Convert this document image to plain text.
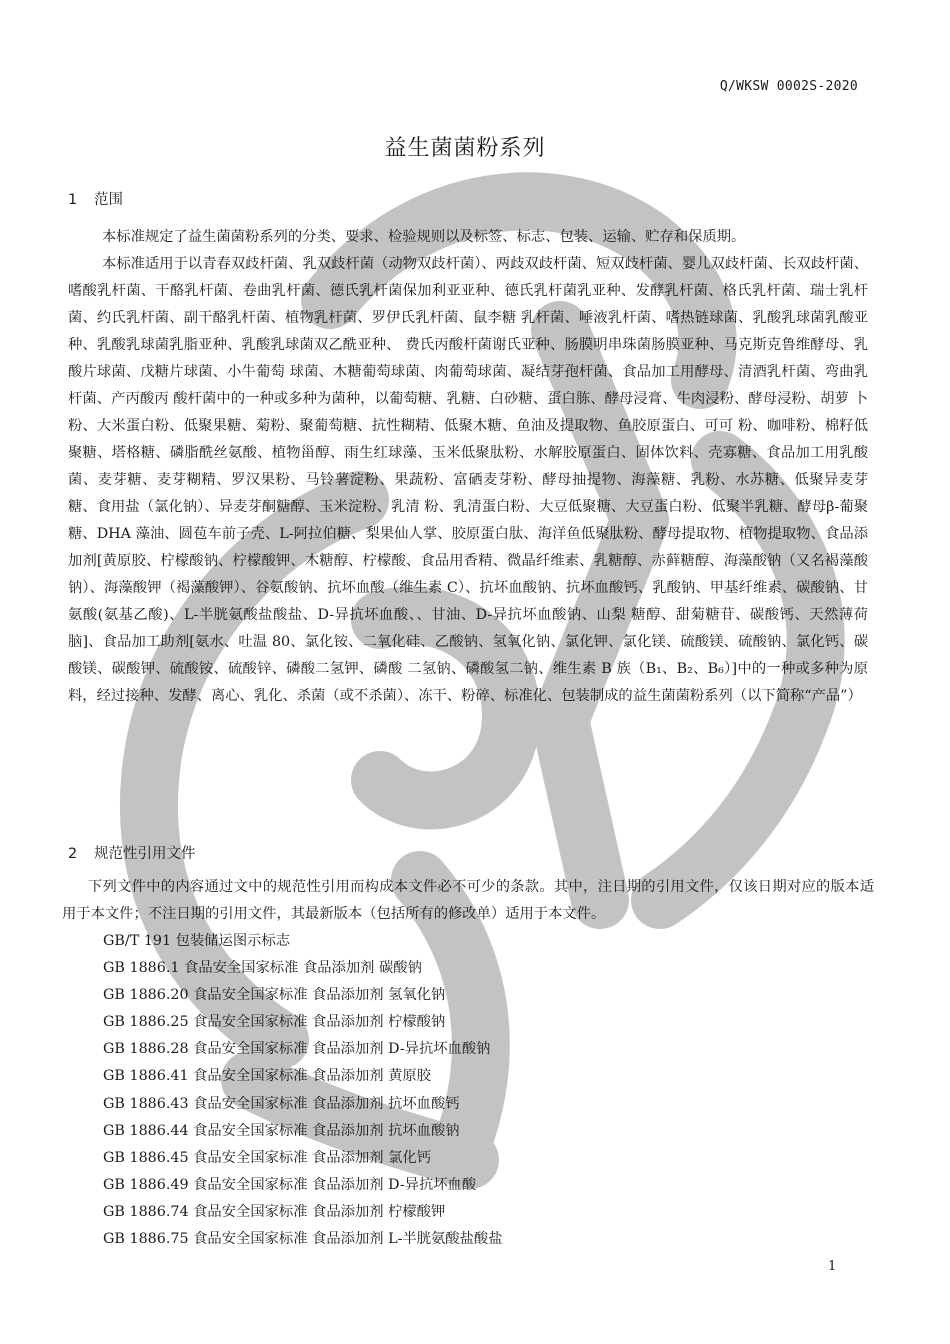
Q/WKSW 0002S-2020
益生菌菌粉系列
1 范围

本标准规定了益生菌菌粉系列的分类、要求、检验规则以及标签、标志、包装、运输、贮存和保质期。

本标准适用于以青春双歧杆菌、乳双歧杆菌（动物双歧杆菌）、两歧双歧杆菌、短双歧杆菌、婴儿双歧杆菌、长双歧杆菌、嗜酸乳杆菌、干酪乳杆菌、卷曲乳杆菌、德氏乳杆菌保加利亚亚种、德氏乳杆菌乳亚种、发酵乳杆菌、格氏乳杆菌、瑞士乳杆菌、约氏乳杆菌、副干酪乳杆菌、植物乳杆菌、罗伊氏乳杆菌、鼠李糖 乳杆菌、唾液乳杆菌、嗜热链球菌、乳酸乳球菌乳酸亚种、乳酸乳球菌乳脂亚种、乳酸乳球菌双乙酰亚种、 费氏丙酸杆菌谢氏亚种、肠膜明串珠菌肠膜亚种、马克斯克鲁维酵母、乳酸片球菌、戊糖片球菌、小牛葡萄 球菌、木糖葡萄球菌、肉葡萄球菌、凝结芽孢杆菌、食品加工用酵母、清酒乳杆菌、弯曲乳杆菌、产丙酸丙 酸杆菌中的一种或多种为菌种，以葡萄糖、乳糖、白砂糖、蛋白胨、酵母浸膏、牛肉浸粉、酵母浸粉、胡萝 卜粉、大米蛋白粉、低聚果糖、菊粉、聚葡萄糖、抗性糊精、低聚木糖、鱼油及提取物、鱼胶原蛋白、可可 粉、咖啡粉、棉籽低聚糖、塔格糖、磷脂酰丝氨酸、植物甾醇、雨生红球藻、玉米低聚肽粉、水解胶原蛋白、固体饮料、壳寡糖、食品加工用乳酸菌、麦芽糖、麦芽糊精、罗汉果粉、马铃薯淀粉、果蔬粉、富硒麦芽粉、酵母抽提物、海藻糖、乳粉、水苏糖、低聚异麦芽糖、食用盐（氯化钠）、异麦芽酮糖醇、玉米淀粉、乳清 粉、乳清蛋白粉、大豆低聚糖、大豆蛋白粉、低聚半乳糖、酵母β-葡聚糖、DHA 藻油、圆苞车前子壳、L-阿拉伯糖、梨果仙人掌、胶原蛋白肽、海洋鱼低聚肽粉、酵母提取物、植物提取物、食品添加剂[黄原胶、柠檬酸钠、柠檬酸钾、木糖醇、柠檬酸、食品用香精、微晶纤维素、乳糖醇、赤藓糖醇、海藻酸钠（又名褐藻酸 钠）、海藻酸钾（褐藻酸钾）、谷氨酸钠、抗坏血酸（维生素 C）、抗坏血酸钠、抗坏血酸钙、乳酸钠、甲基纤维素、碳酸钠、甘氨酸(氨基乙酸)、L-半胱氨酸盐酸盐、D-异抗坏血酸、、甘油、D-异抗坏血酸钠、山梨 糖醇、甜菊糖苷、碳酸钙、天然薄荷脑]、食品加工助剂[氨水、吐温 80、氯化铵、二氧化硅、乙酸钠、氢氧化钠、氯化钾、氯化镁、硫酸镁、硫酸钠、氯化钙、碳酸镁、碳酸钾、硫酸铵、硫酸锌、磷酸二氢钾、磷酸 二氢钠、磷酸氢二钠、维生素 B 族（B₁、B₂、B₆）]中的一种或多种为原料，经过接种、发酵、离心、乳化、杀菌（或不杀菌）、冻干、粉碎、标准化、包装制成的益生菌菌粉系列（以下简称“产品”）

2 规范性引用文件

下列文件中的内容通过文中的规范性引用而构成本文件必不可少的条款。其中，注日期的引用文件，仅该日期对应的版本适用于本文件；不注日期的引用文件，其最新版本（包括所有的修改单）适用于本文件。

GB/T 191 包装储运图示标志
GB 1886.1 食品安全国家标准 食品添加剂 碳酸钠
GB 1886.20 食品安全国家标准 食品添加剂 氢氧化钠
GB 1886.25 食品安全国家标准 食品添加剂 柠檬酸钠
GB 1886.28 食品安全国家标准 食品添加剂 D-异抗坏血酸钠
GB 1886.41 食品安全国家标准 食品添加剂 黄原胶
GB 1886.43 食品安全国家标准 食品添加剂 抗坏血酸钙
GB 1886.44 食品安全国家标准 食品添加剂 抗坏血酸钠
GB 1886.45 食品安全国家标准 食品添加剂 氯化钙
GB 1886.49 食品安全国家标准 食品添加剂 D-异抗坏血酸
GB 1886.74 食品安全国家标准 食品添加剂 柠檬酸钾
GB 1886.75 食品安全国家标准 食品添加剂 L-半胱氨酸盐酸盐
1
